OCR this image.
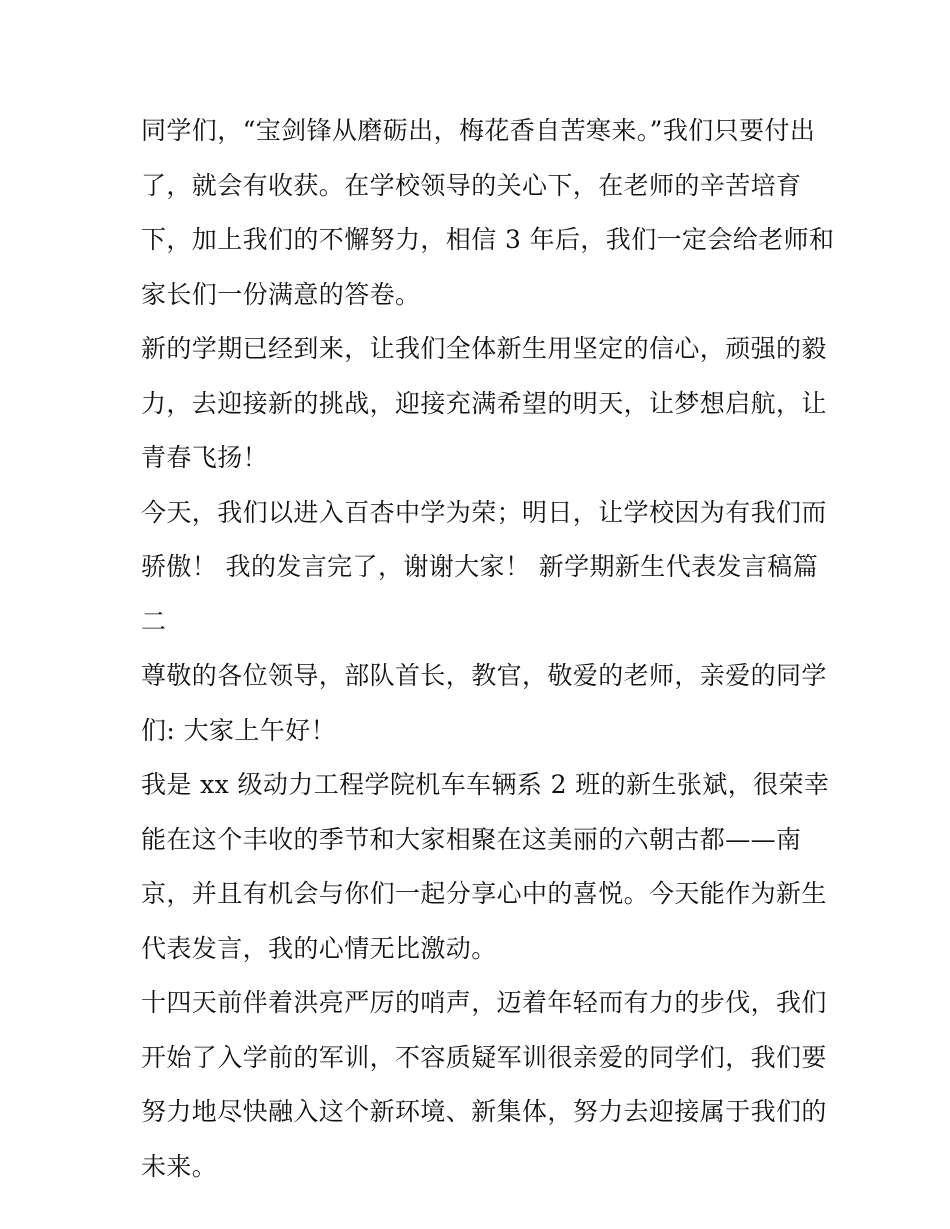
同学们，“宝剑锋从磨砺出，梅花香自苦寒来。”我们只要付出
了，就会有收获。在学校领导的关心下，在老师的辛苦培育
下，加上我们的不懈努力，相信 3 年后，我们一定会给老师和
家长们一份满意的答卷。
新的学期已经到来，让我们全体新生用坚定的信心，顽强的毅
力，去迎接新的挑战，迎接充满希望的明天，让梦想启航，让
青春飞扬！
今天，我们以进入百杏中学为荣；明日，让学校因为有我们而
骄傲！ 我的发言完了，谢谢大家！ 新学期新生代表发言稿篇
二
尊敬的各位领导，部队首长，教官，敬爱的老师，亲爱的同学
们: 大家上午好！
我是 xx 级动力工程学院机车车辆系 2 班的新生张斌，很荣幸
能在这个丰收的季节和大家相聚在这美丽的六朝古都——南
京，并且有机会与你们一起分享心中的喜悦。今天能作为新生
代表发言，我的心情无比激动。
十四天前伴着洪亮严厉的哨声，迈着年轻而有力的步伐，我们
开始了入学前的军训，不容质疑军训很亲爱的同学们，我们要
努力地尽快融入这个新环境、新集体，努力去迎接属于我们的
未来。
